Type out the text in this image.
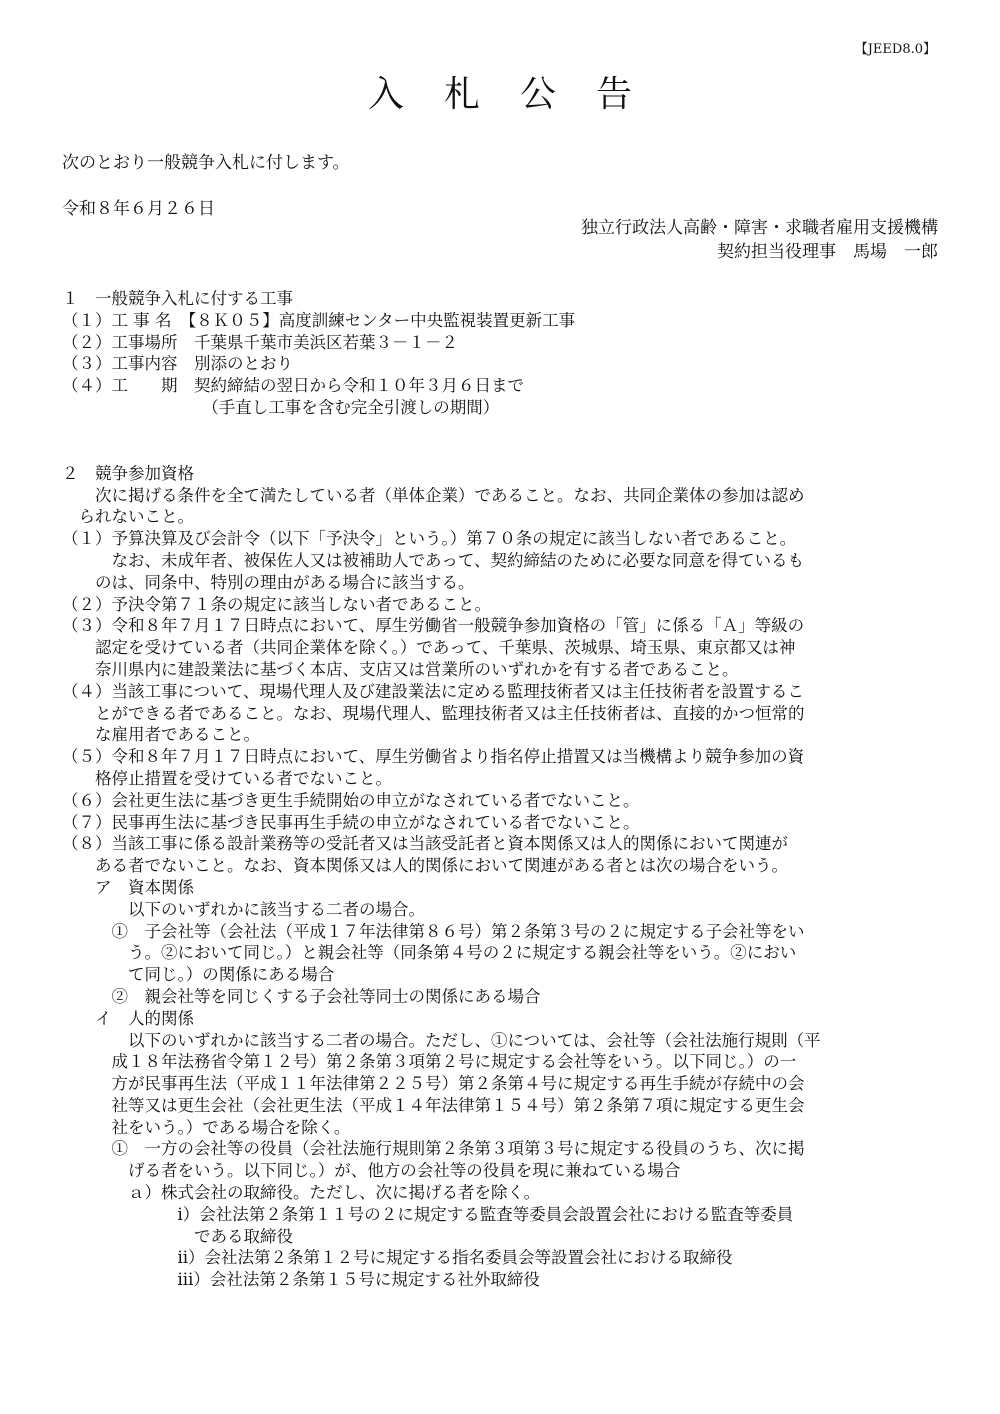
【JEED8.0】
入札公告
次のとおり一般競争入札に付します。
令和８年６月２６日
独立行政法人高齢・障害・求職者雇用支援機構
契約担当役理事　馬場　一郎
１　一般競争入札に付する工事
（１）工 事 名　【８Ｋ０５】高度訓練センター中央監視装置更新工事
（２）工事場所　千葉県千葉市美浜区若葉３－１－２
（３）工事内容　別添のとおり
（４）工　　期　契約締結の翌日から令和１０年３月６日まで
　　　　　　　　　（手直し工事を含む完全引渡しの期間）
２　競争参加資格
　　次に掲げる条件を全て満たしている者（単体企業）であること。なお、共同企業体の参加は認め
　られないこと。
（１）予算決算及び会計令（以下「予決令」という。）第７０条の規定に該当しない者であること。
　　　なお、未成年者、被保佐人又は被補助人であって、契約締結のために必要な同意を得ているも
　　のは、同条中、特別の理由がある場合に該当する。
（２）予決令第７１条の規定に該当しない者であること。
（３）令和８年７月１７日時点において、厚生労働省一般競争参加資格の「管」に係る「Ａ」等級の
　　認定を受けている者（共同企業体を除く。）であって、千葉県、茨城県、埼玉県、東京都又は神
　　奈川県内に建設業法に基づく本店、支店又は営業所のいずれかを有する者であること。
（４）当該工事について、現場代理人及び建設業法に定める監理技術者又は主任技術者を設置するこ
　　とができる者であること。なお、現場代理人、監理技術者又は主任技術者は、直接的かつ恒常的
　　な雇用者であること。
（５）令和８年７月１７日時点において、厚生労働省より指名停止措置又は当機構より競争参加の資
　　格停止措置を受けている者でないこと。
（６）会社更生法に基づき更生手続開始の申立がなされている者でないこと。
（７）民事再生法に基づき民事再生手続の申立がなされている者でないこと。
（８）当該工事に係る設計業務等の受託者又は当該受託者と資本関係又は人的関係において関連が
　　ある者でないこと。なお、資本関係又は人的関係において関連がある者とは次の場合をいう。
　　ア　資本関係
　　　　以下のいずれかに該当する二者の場合。
　　　①　子会社等（会社法（平成１７年法律第８６号）第２条第３号の２に規定する子会社等をい
　　　　う。②において同じ。）と親会社等（同条第４号の２に規定する親会社等をいう。②におい
　　　　て同じ。）の関係にある場合
　　　②　親会社等を同じくする子会社等同士の関係にある場合
　　イ　人的関係
　　　　以下のいずれかに該当する二者の場合。ただし、①については、会社等（会社法施行規則（平
　　　成１８年法務省令第１２号）第２条第３項第２号に規定する会社等をいう。以下同じ。）の一
　　　方が民事再生法（平成１１年法律第２２５号）第２条第４号に規定する再生手続が存続中の会
　　　社等又は更生会社（会社更生法（平成１４年法律第１５４号）第２条第７項に規定する更生会
　　　社をいう。）である場合を除く。
　　　①　一方の会社等の役員（会社法施行規則第２条第３項第３号に規定する役員のうち、次に掲
　　　　げる者をいう。以下同じ。）が、他方の会社等の役員を現に兼ねている場合
　　　　ａ）株式会社の取締役。ただし、次に掲げる者を除く。
　　　　　　　ⅰ）会社法第２条第１１号の２に規定する監査等委員会設置会社における監査等委員
　　　　　　　　である取締役
　　　　　　　ⅱ）会社法第２条第１２号に規定する指名委員会等設置会社における取締役
　　　　　　　ⅲ）会社法第２条第１５号に規定する社外取締役
